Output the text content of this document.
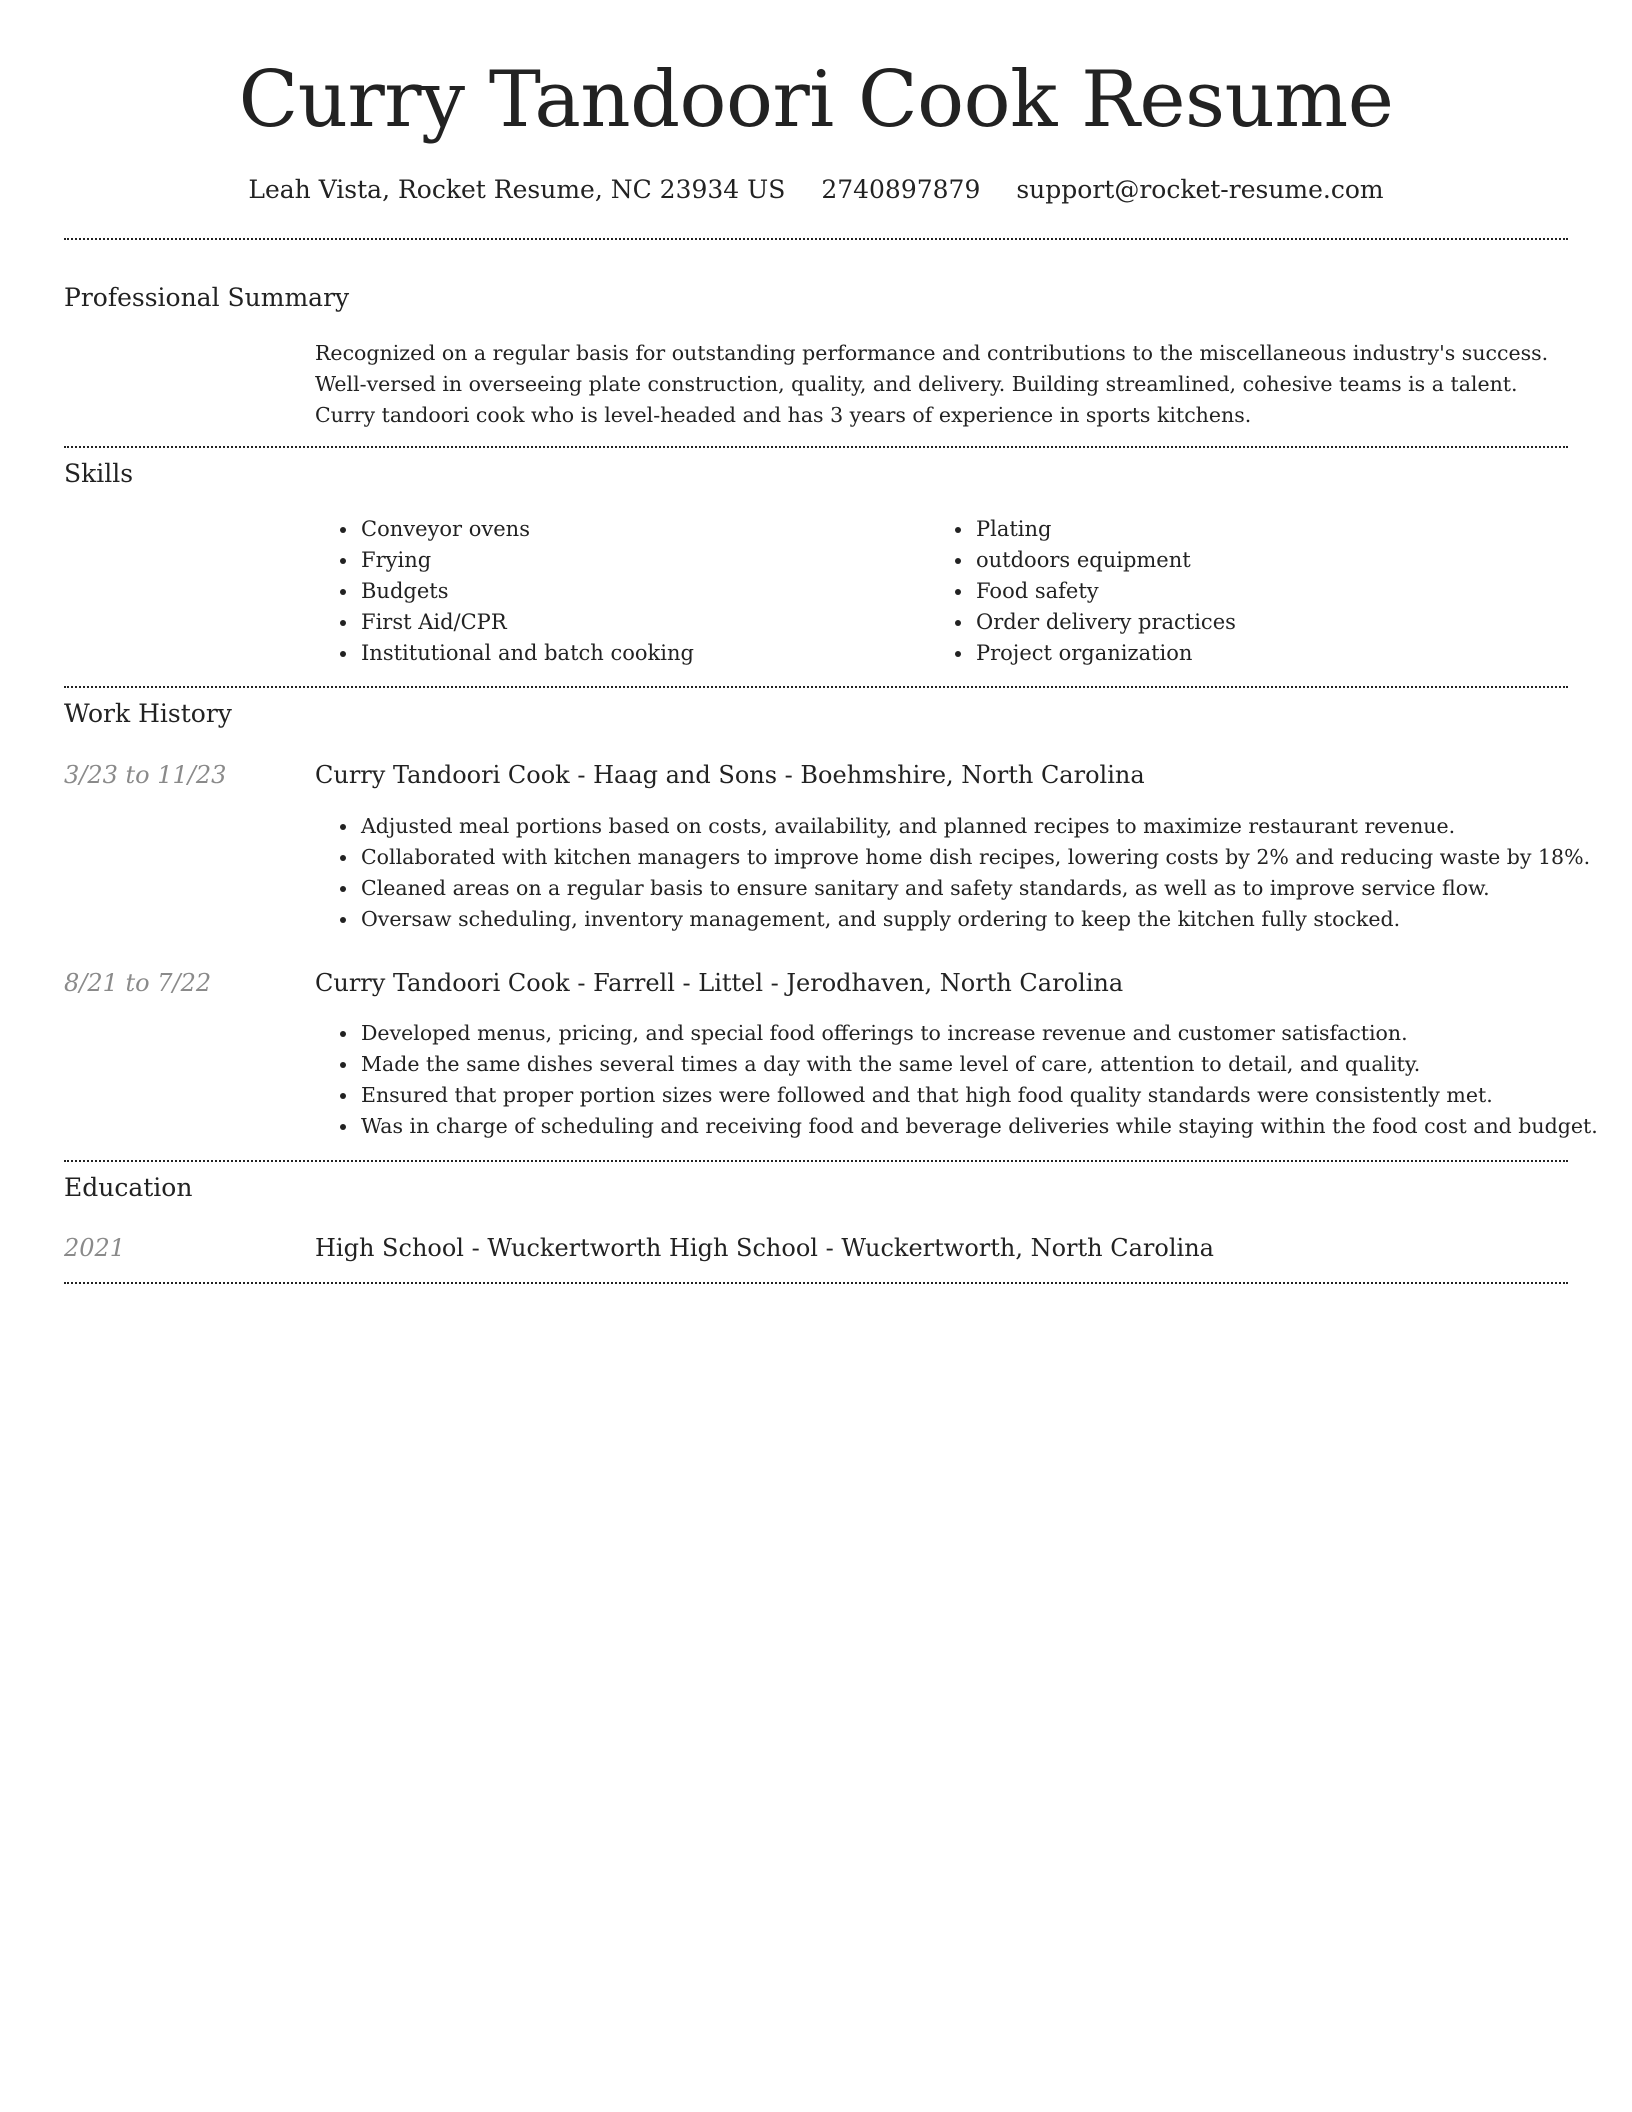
Curry Tandoori Cook Resume
Leah Vista, Rocket Resume, NC 23934 US 2740897879 support@rocket-resume.com
Professional Summary

Recognized on a regular basis for outstanding performance and contributions to the miscellaneous industry's success. Well-versed in overseeing plate construction, quality, and delivery. Building streamlined, cohesive teams is a talent. Curry tandoori cook who is level-headed and has 3 years of experience in sports kitchens.

Skills
• Conveyor ovens
• Frying
• Budgets
• First Aid/CPR
• Institutional and batch cooking
• Plating
• outdoors equipment
• Food safety
• Order delivery practices
• Project organization
Work History
3/23 to 11/23	Curry Tandoori Cook - Haag and Sons - Boehmshire, North Carolina
• Adjusted meal portions based on costs, availability, and planned recipes to maximize restaurant revenue.
• Collaborated with kitchen managers to improve home dish recipes, lowering costs by 2% and reducing waste by 18%.
• Cleaned areas on a regular basis to ensure sanitary and safety standards, as well as to improve service flow.
• Oversaw scheduling, inventory management, and supply ordering to keep the kitchen fully stocked.
8/21 to 7/22	Curry Tandoori Cook - Farrell - Littel - Jerodhaven, North Carolina
• Developed menus, pricing, and special food offerings to increase revenue and customer satisfaction.
• Made the same dishes several times a day with the same level of care, attention to detail, and quality.
• Ensured that proper portion sizes were followed and that high food quality standards were consistently met.
• Was in charge of scheduling and receiving food and beverage deliveries while staying within the food cost and budget.
Education
2021	High School - Wuckertworth High School - Wuckertworth, North Carolina
